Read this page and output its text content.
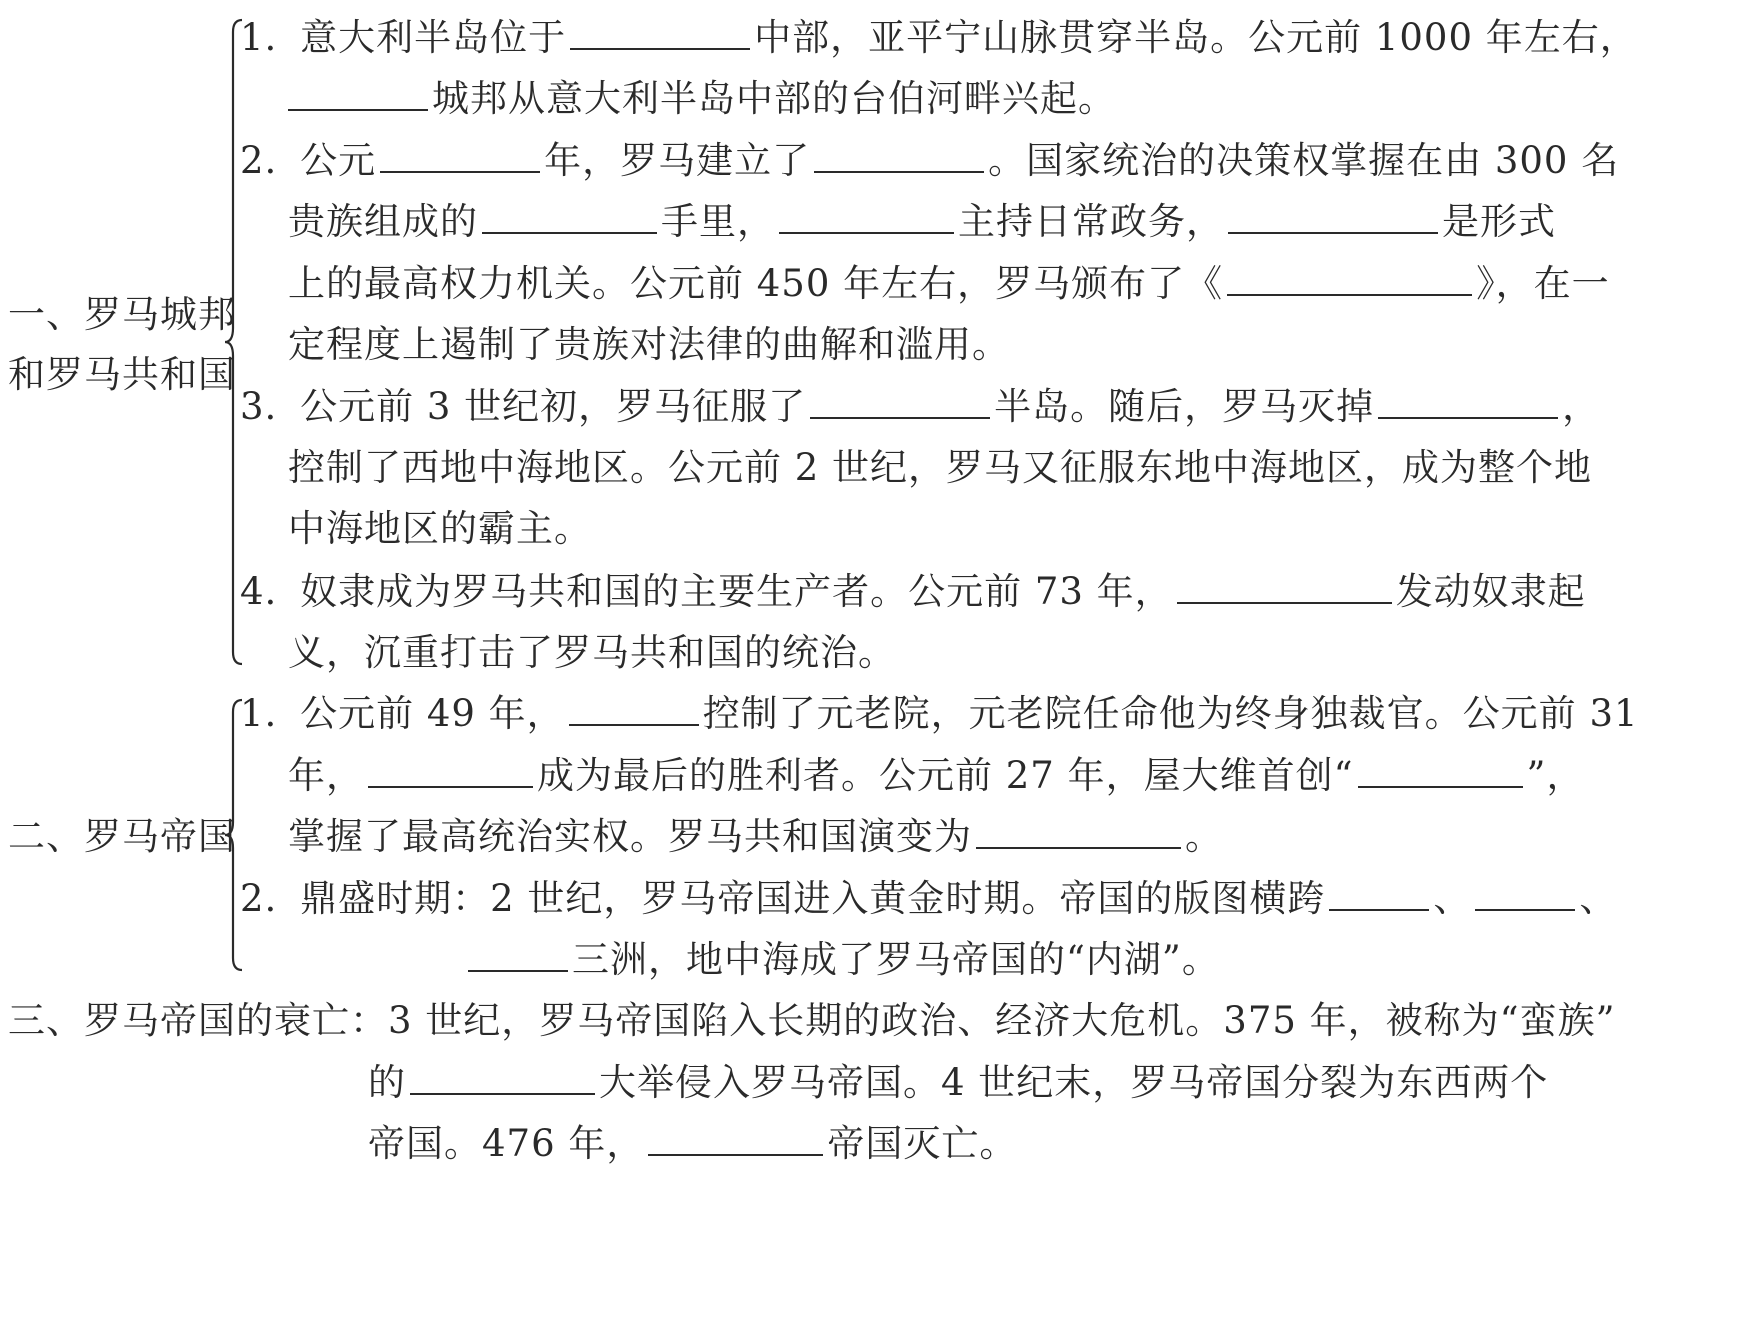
一、罗马城邦
和罗马共和国
1. 意大利半岛位于	中部，亚平宁山脉贯穿半岛。公元前 1000 年左右，
城邦从意大利半岛中部的台伯河畔兴起。
2. 公元	年，罗马建立了	。国家统治的决策权掌握在由 300 名
贵族组成的	手里，	主持日常政务，	是形式
上的最高权力机关。公元前 450 年左右，罗马颁布了《	》，在一
定程度上遏制了贵族对法律的曲解和滥用。
3. 公元前 3 世纪初，罗马征服了	半岛。随后，罗马灭掉	，
控制了西地中海地区。公元前 2 世纪，罗马又征服东地中海地区，成为整个地
中海地区的霸主。
4. 奴隶成为罗马共和国的主要生产者。公元前 73 年，	发动奴隶起
义，沉重打击了罗马共和国的统治。
二、罗马帝国
1. 公元前 49 年，	控制了元老院，元老院任命他为终身独裁官。公元前 31
年，	成为最后的胜利者。公元前 27 年，屋大维首创“	”，
掌握了最高统治实权。罗马共和国演变为	。
2. 鼎盛时期：2 世纪，罗马帝国进入黄金时期。帝国的版图横跨	、	、
三洲，地中海成了罗马帝国的“内湖”。
三、罗马帝国的衰亡：3 世纪，罗马帝国陷入长期的政治、经济大危机。375 年，被称为“蛮族”
的	大举侵入罗马帝国。4 世纪末，罗马帝国分裂为东西两个
帝国。476 年，	帝国灭亡。
